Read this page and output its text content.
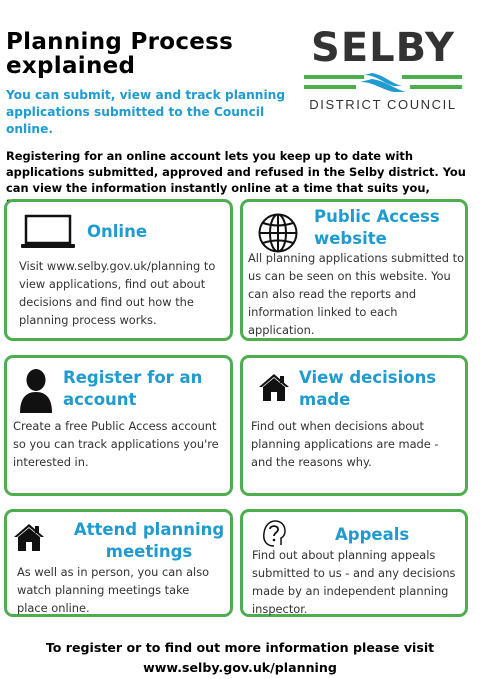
Planning Process
explained
You can submit, view and track planning applications submitted to the Council online.
SELBY
DISTRICT COUNCIL
Registering for an online account lets you keep up to date with applications submitted, approved and refused in the Selby district. You can view the information instantly online at a time that suits you,
Online
Visit www.selby.gov.uk/planning to view applications, find out about decisions and find out how the planning process works.
Public Access
website
All planning applications submitted to us can be seen on this website. You can also read the reports and information linked to each application.
Register for an
account
Create a free Public Access account so you can track applications you're interested in.
View decisions
made
Find out when decisions about planning applications are made - and the reasons why.
Attend planning
meetings
As well as in person, you can also watch planning meetings take place online.
Appeals
Find out about planning appeals submitted to us - and any decisions made by an independent planning inspector.
To register or to find out more information please visit
www.selby.gov.uk/planning
